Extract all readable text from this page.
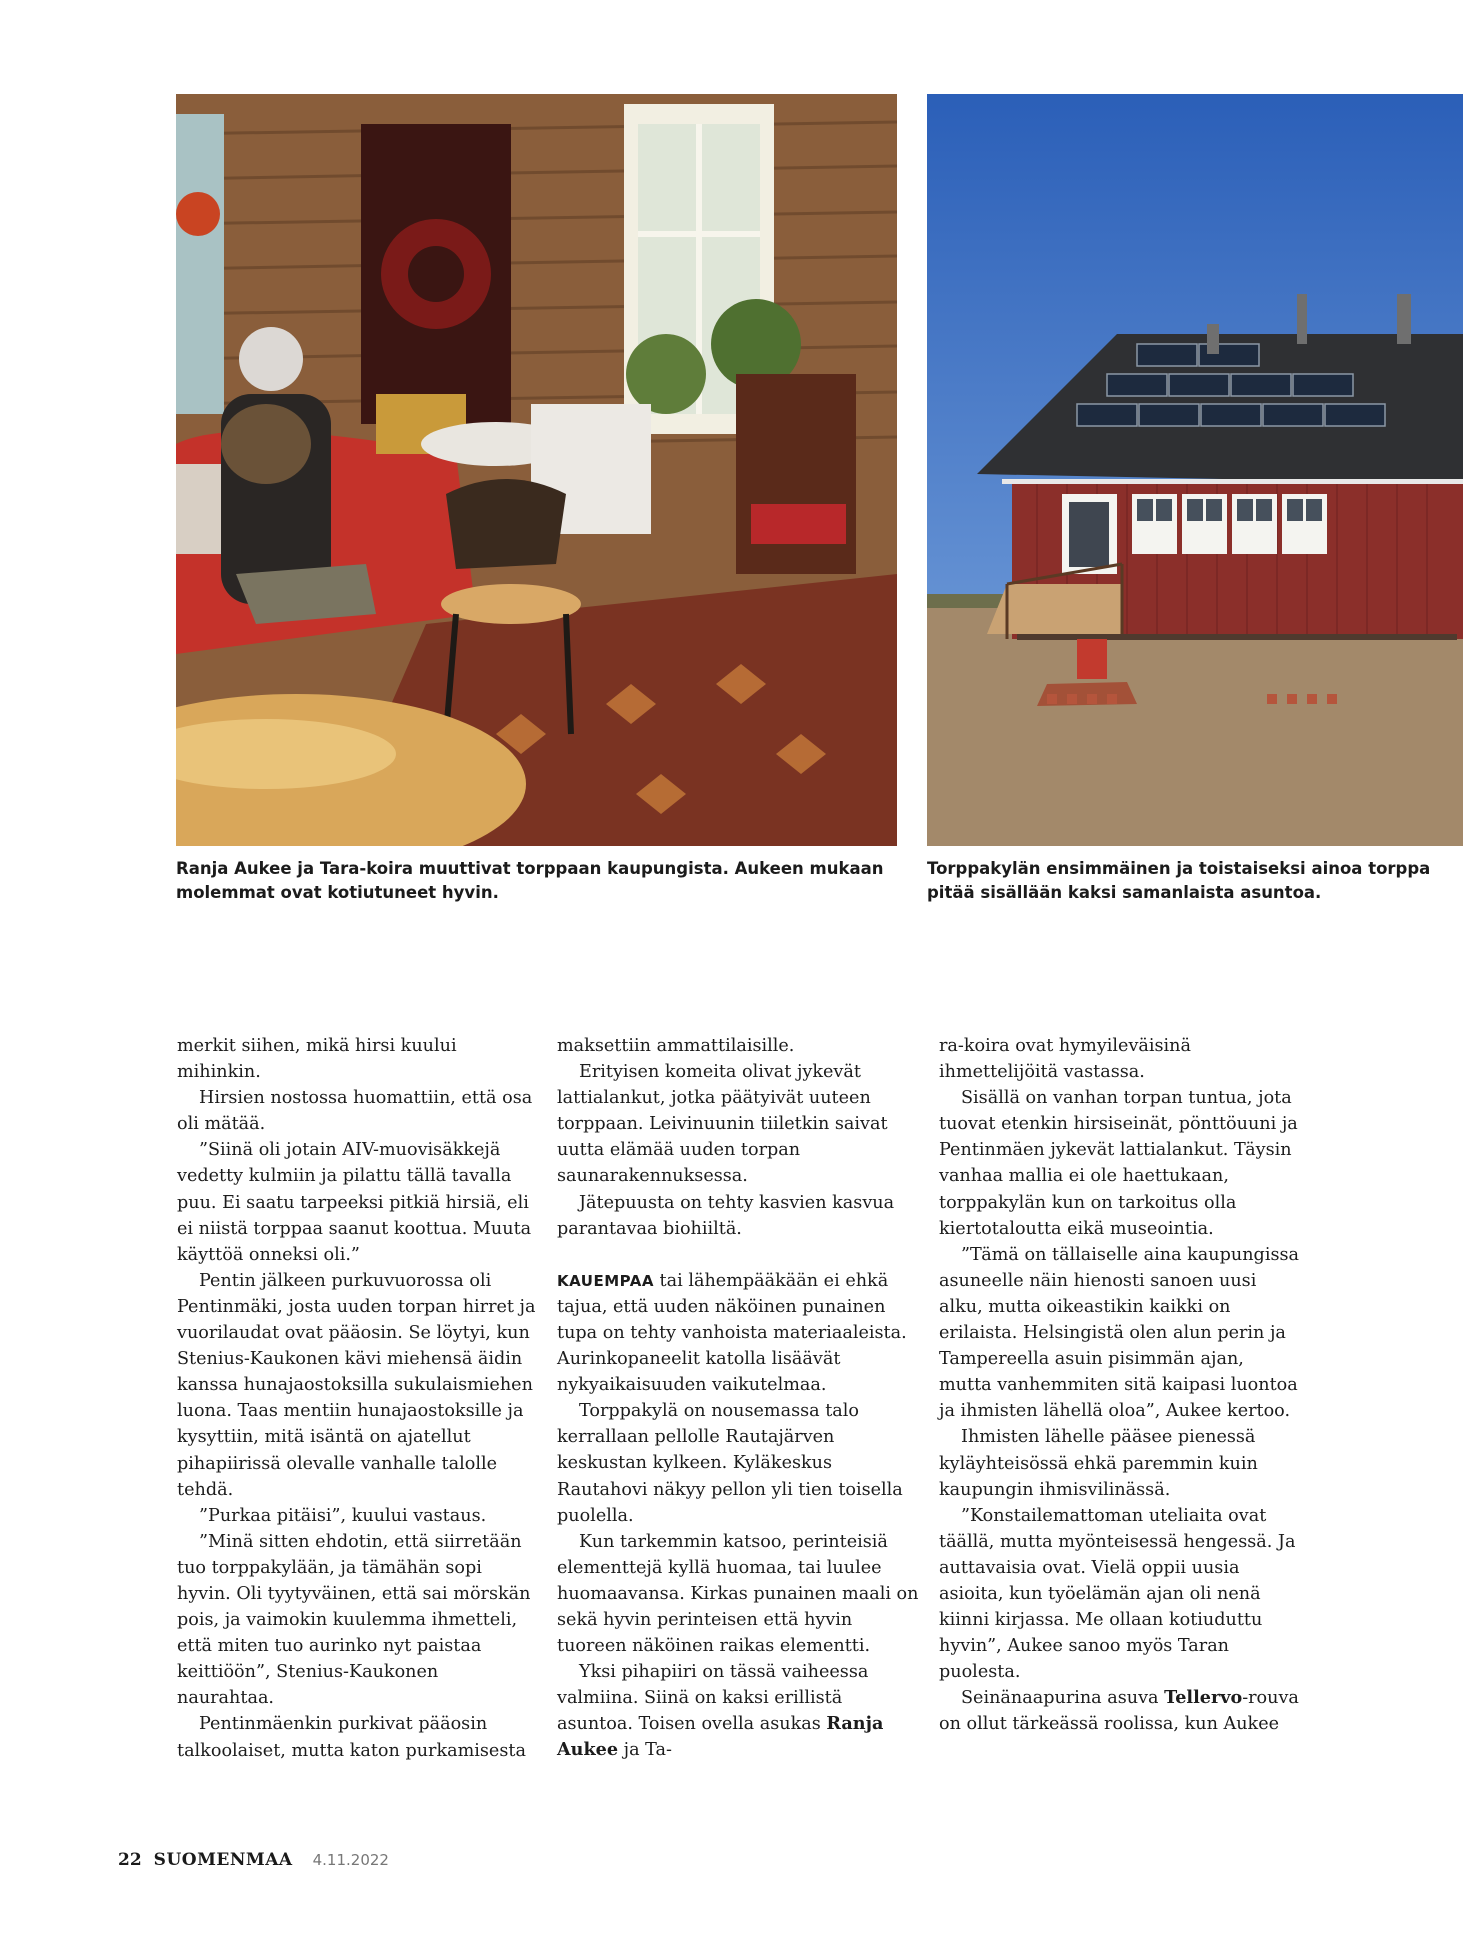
Ranja Aukee ja Tara-koira muuttivat torppaan kaupungista. Aukeen mukaan molemmat ovat kotiutuneet hyvin.
Torppakylän ensimmäinen ja toistaiseksi ainoa torppa pitää sisällään kaksi samanlaista asuntoa.

merkit siihen, mikä hirsi kuului mihinkin.

Hirsien nostossa huomattiin, että osa oli mätää.

”Siinä oli jotain AIV-muovisäkkejä vedetty kulmiin ja pilattu tällä tavalla puu. Ei saatu tarpeeksi pitkiä hirsiä, eli ei niistä torppaa saanut koottua. Muuta käyttöä onneksi oli.”

Pentin jälkeen purkuvuorossa oli Pentinmäki, josta uuden torpan hirret ja vuorilaudat ovat pääosin. Se löytyi, kun Stenius-Kaukonen kävi miehensä äidin kanssa hunajaostoksilla sukulaismiehen luona. Taas mentiin hunajaostoksille ja kysyttiin, mitä isäntä on ajatellut pihapiirissä olevalle vanhalle talolle tehdä.

”Purkaa pitäisi”, kuului vastaus.

”Minä sitten ehdotin, että siirretään tuo torppakylään, ja tämähän sopi hyvin. Oli tyytyväinen, että sai mörskän pois, ja vaimokin kuulemma ihmetteli, että miten tuo aurinko nyt paistaa keittiöön”, Stenius-Kaukonen naurahtaa.

Pentinmäenkin purkivat pääosin talkoolaiset, mutta katon purkamisesta

maksettiin ammattilaisille.

Erityisen komeita olivat jykevät lattialankut, jotka päätyivät uuteen torppaan. Leivinuunin tiiletkin saivat uutta elämää uuden torpan saunarakennuksessa.

Jätepuusta on tehty kasvien kasvua parantavaa biohiiltä.

KAUEMPAA tai lähempääkään ei ehkä tajua, että uuden näköinen punainen tupa on tehty vanhoista materiaaleista. Aurinkopaneelit katolla lisäävät nykyaikaisuuden vaikutelmaa.

Torppakylä on nousemassa talo kerrallaan pellolle Rautajärven keskustan kylkeen. Kyläkeskus Rautahovi näkyy pellon yli tien toisella puolella.

Kun tarkemmin katsoo, perinteisiä elementtejä kyllä huomaa, tai luulee huomaavansa. Kirkas punainen maali on sekä hyvin perinteisen että hyvin tuoreen näköinen raikas elementti.

Yksi pihapiiri on tässä vaiheessa valmiina. Siinä on kaksi erillistä asuntoa. Toisen ovella asukas Ranja Aukee ja Ta-

ra-koira ovat hymyileväisinä ihmettelijöitä vastassa.

Sisällä on vanhan torpan tuntua, jota tuovat etenkin hirsiseinät, pönttöuuni ja Pentinmäen jykevät lattialankut. Täysin vanhaa mallia ei ole haettukaan, torppakylän kun on tarkoitus olla kiertotaloutta eikä museointia.

”Tämä on tällaiselle aina kaupungissa asuneelle näin hienosti sanoen uusi alku, mutta oikeastikin kaikki on erilaista. Helsingistä olen alun perin ja Tampereella asuin pisimmän ajan, mutta vanhemmiten sitä kaipasi luontoa ja ihmisten lähellä oloa”, Aukee kertoo.

Ihmisten lähelle pääsee pienessä kyläyhteisössä ehkä paremmin kuin kaupungin ihmisvilinässä.

”Konstailemattoman uteliaita ovat täällä, mutta myönteisessä hengessä. Ja auttavaisia ovat. Vielä oppii uusia asioita, kun työelämän ajan oli nenä kiinni kirjassa. Me ollaan kotiuduttu hyvin”, Aukee sanoo myös Taran puolesta.

Seinänaapurina asuva Tellervo-rouva on ollut tärkeässä roolissa, kun Aukee

22 SUOMENMAA 4.11.2022
